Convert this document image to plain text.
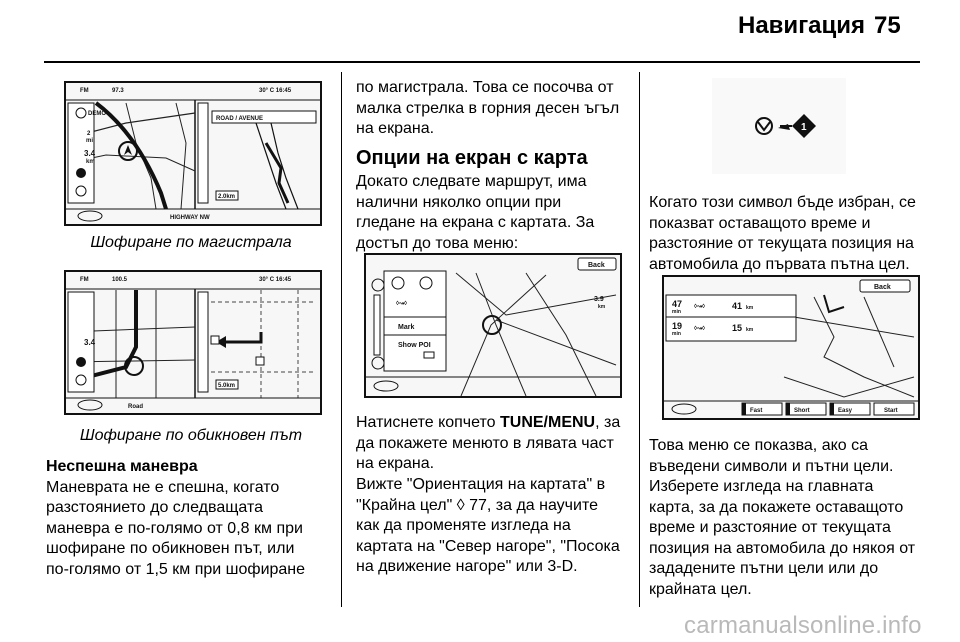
Навигация 75
FM	97.3	30° C 16:45
DEMO
2
mi
3.4
km
ROAD / AVENUE
2.0km
HIGHWAY NW
Шофиране по магистрала
FM	100.5	30° C 16:45
3.4
5.0km
Road
Шофиране по обикновен път

Неспешна маневра

Маневрата не е спешна, когато

разстоянието до следващата

маневра е по-голямо от 0,8 км при

шофиране по обикновен път, или

по-голямо от 1,5 км при шофиране

по магистрала. Това се посочва от

малка стрелка в горния десен ъгъл

на екрана.

Опции на екран с карта

Докато следвате маршрут, има

налични няколко опции при

гледане на екрана с картата. За

достъп до това меню:

Back
◊↝◊
Mark
Show POI
3.9
km

Натиснете копчето TUNE/MENU, за

да покажете менюто в лявата част

на екрана.

Вижте "Ориентация на картата" в

"Крайна цел" ◊ 77, за да научите

как да променяте изгледа на

картата на "Север нагоре", "Посока

на движение нагоре" или 3-D.

1

Когато този символ бъде избран, се

показват оставащото време и

разстояние от текущата позиция на

автомобила до първата пътна цел.

Back
47
min
◊↝◊	41 km
19
min
◊↝◊	15 km
Fast	Short	Easy	Start

Това меню се показва, ако са

въведени символи и пътни цели.

Изберете изгледа на главната

карта, за да покажете оставащото

време и разстояние от текущата

позиция на автомобила до някоя от

зададените пътни цели или до

крайната цел.

carmanualsonline.info
